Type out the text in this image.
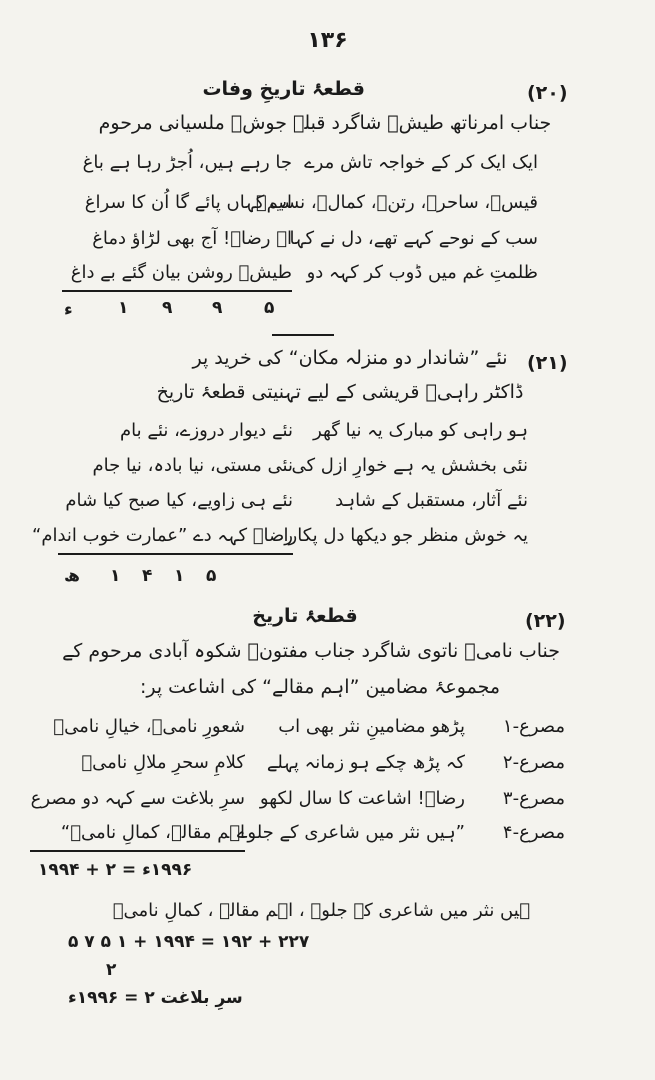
۱۳۶
(۲۰)
قطعۂ تاریخِ وفات
جناب امرناتھ طیشؔ شاگرد قبلہ جوشؔ ملسیانی مرحوم
ایک ایک کر کے خواجہ تاش مرے
جا رہے ہیں، اُجڑ رہا ہے باغ
قیسؔ، ساحرؔ، رتنؔ، کمالؔ، نسیمؔ
اب کہاں پائے گا اُن کا سراغ
سب کے نوحے کہے تھے، دل نے کہا
اے رضاؔ! آج بھی لڑاؤ دماغ
ظلمتِ غم میں ڈوب کر کہہ دو
طیشؔ روشن بیان گئے بے داغ
ء	۱ ۹ ۹ ۵
(۲۱)
نئے ”شاندار دو منزلہ مکان“ کی خرید پر
ڈاکٹر راہیؔ قریشی کے لیے تہنیتی قطعۂ تاریخ
ہو راہی کو مبارک یہ نیا گھر
نئے دیوار دروزے، نئے بام
نئی بخشش یہ ہے خوارِ ازل کی
نئی مستی، نیا بادہ، نیا جام
نئے آثار، مستقبل کے شاہد
نئے ہی زاویے، کیا صبح کیا شام
یہ خوش منظر جو دیکھا دل پکارا
رضاؔ کہہ دے ”عمارت خوب اندام“
ھ ۱ ۴ ۱ ۵
(۲۲)
قطعۂ تاریخ
جناب نامیؔ ناتوی شاگرد جناب مفتونؔ شکوہ آبادی مرحوم کے
مجموعۂ مضامین ”اہم مقالے“ کی اشاعت پر:
مصرع-۱
پڑھو مضامینِ نثر بھی اب
شعورِ نامیؔ، خیالِ نامیؔ
مصرع-۲
کہ پڑھ چکے ہو زمانہ پہلے
کلامِ سحرِ ملالِ نامیؔ
مصرع-۳
رضاؔ! اشاعت کا سال لکھو
سرِ بلاغت سے کہہ دو مصرع
مصرع-۴
”ہیں نثر میں شاعری کے جلوے
اہم مقالے، کمالِ نامیؔ“
۱۹۹۶ء = ۲ + ۱۹۹۴
ہیں نثر میں شاعری کے جلوے ، اہم مقالے ، کمالِ نامیؔ
۵ ۷ ۵ ۱ + ۱۹۹۴ = ۱۹۲ + ۲۲۷
۲
سرِ بلاغت ۲ = ۱۹۹۶ء
